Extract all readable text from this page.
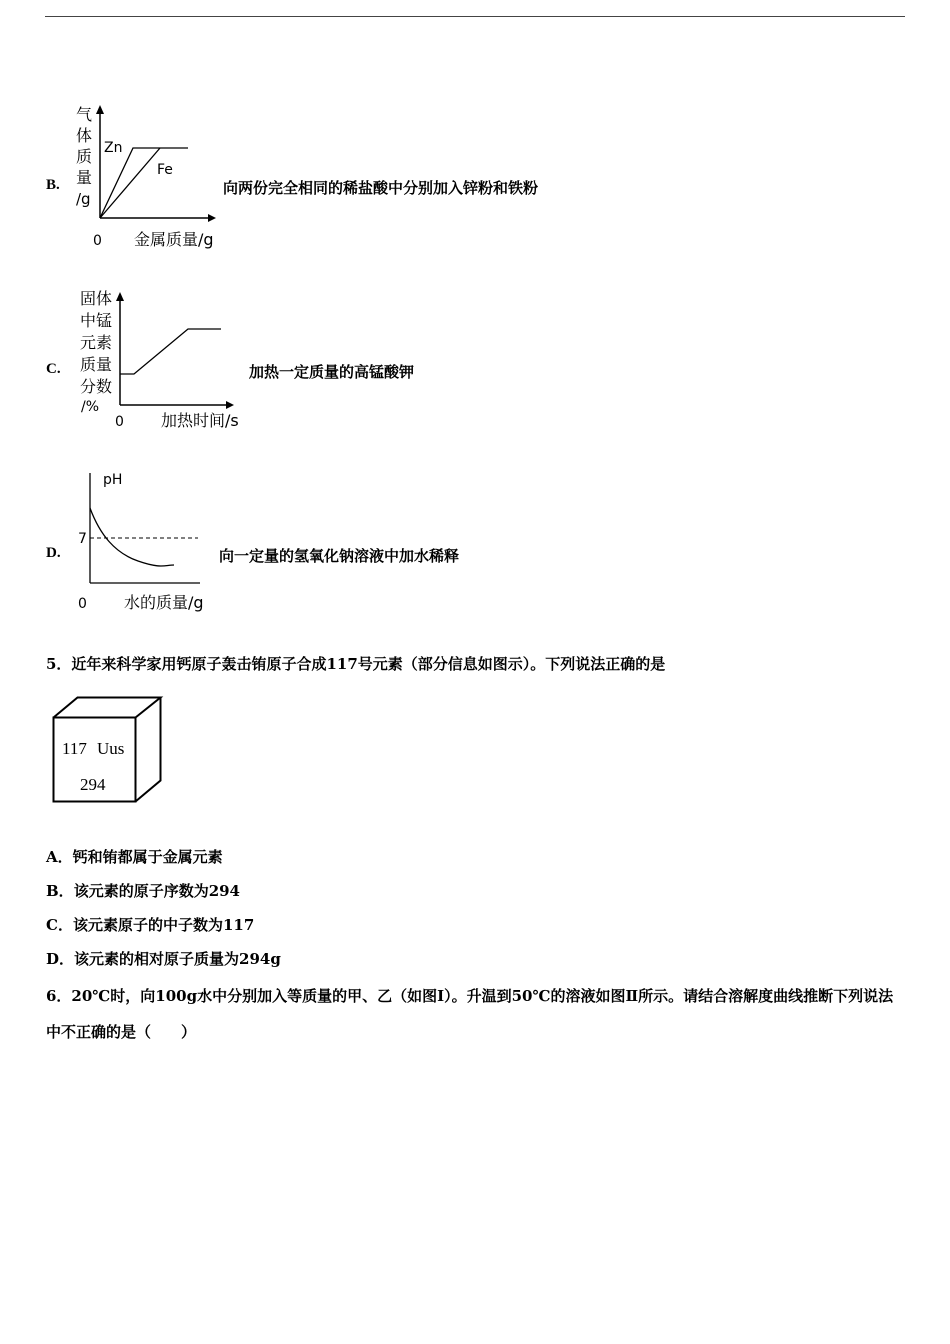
B.
Zn
Fe
气
体
质
量
/g
0 金属质量/g
向两份完全相同的稀盐酸中分别加入锌粉和铁粉
C.
固体
中锰
元素
质量
分数
/%
0 加热时间/s
加热一定质量的高锰酸钾
D.
pH
7
0 水的质量/g
向一定量的氢氧化钠溶液中加水稀释
5．近年来科学家用钙原子轰击铕原子合成117号元素（部分信息如图示）。下列说法正确的是
117 Uus
294
A．钙和铕都属于金属元素
B．该元素的原子序数为294
C．该元素原子的中子数为117
D．该元素的相对原子质量为294g
6．20℃时，向100g水中分别加入等质量的甲、乙（如图I）。升温到50℃的溶液如图Ⅱ所示。请结合溶解度曲线推断下列说法中不正确的是（　　）
